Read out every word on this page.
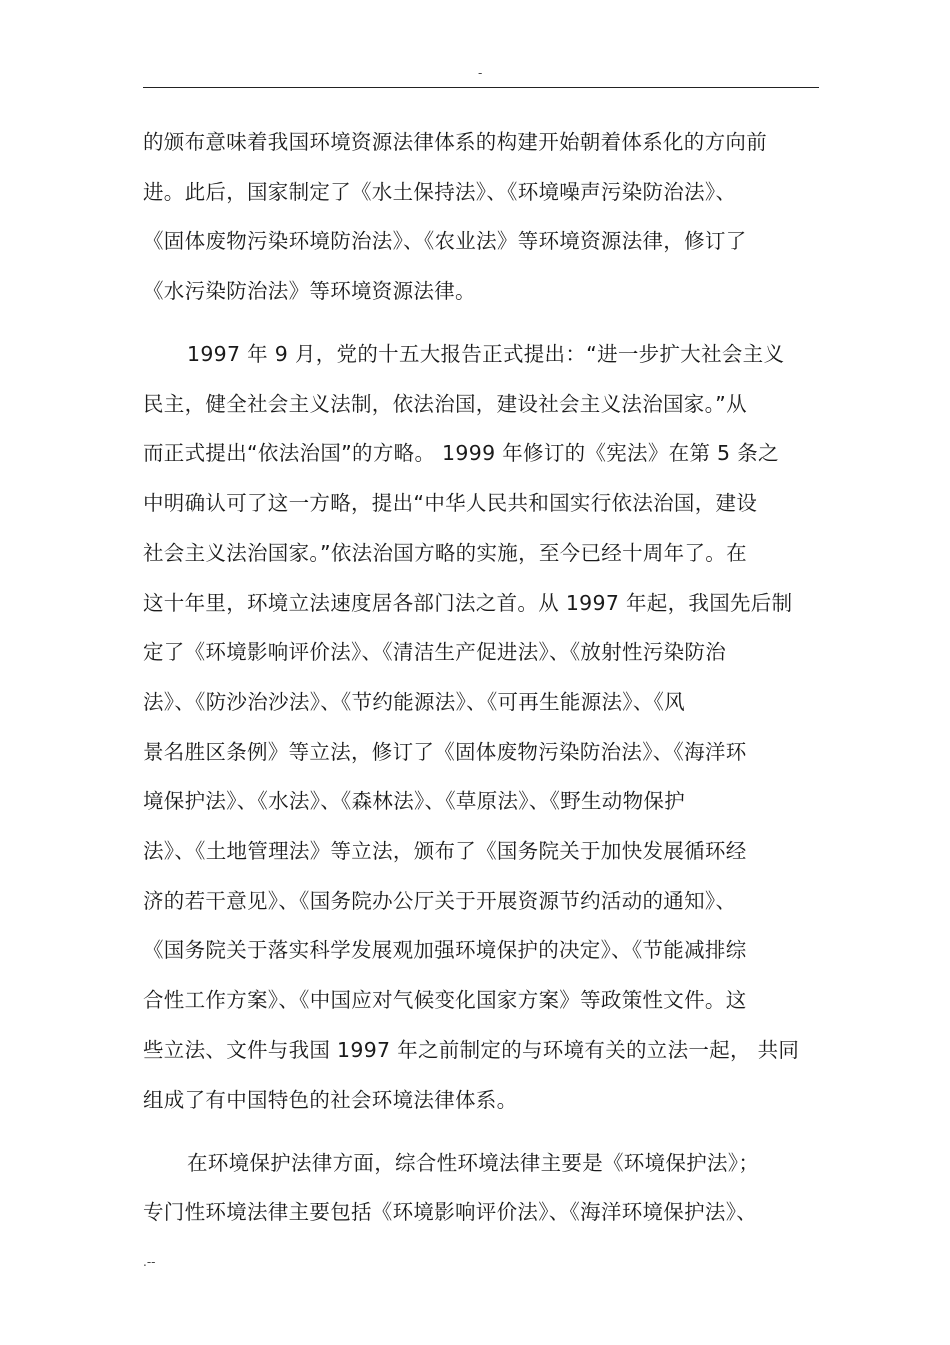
-
的颁布意味着我国环境资源法律体系的构建开始朝着体系化的方向前
进。此后，国家制定了《水土保持法》、《环境噪声污染防治法》、
《固体废物污染环境防治法》、《农业法》等环境资源法律，修订了
《水污染防治法》等环境资源法律。
1997 年 9 月，党的十五大报告正式提出：“进一步扩大社会主义
民主，健全社会主义法制，依法治国，建设社会主义法治国家。”从
而正式提出“依法治国”的方略。 1999 年修订的《宪法》在第 5 条之
中明确认可了这一方略，提出“中华人民共和国实行依法治国，建设
社会主义法治国家。”依法治国方略的实施，至今已经十周年了。在
这十年里，环境立法速度居各部门法之首。从 1997 年起，我国先后制
定了《环境影响评价法》、《清洁生产促进法》、《放射性污染防治
法》、《防沙治沙法》、《节约能源法》、《可再生能源法》、《风
景名胜区条例》等立法，修订了《固体废物污染防治法》、《海洋环
境保护法》、《水法》、《森林法》、《草原法》、《野生动物保护
法》、《土地管理法》等立法，颁布了《国务院关于加快发展循环经
济的若干意见》、《国务院办公厅关于开展资源节约活动的通知》、
《国务院关于落实科学发展观加强环境保护的决定》、《节能减排综
合性工作方案》、《中国应对气候变化国家方案》等政策性文件。这
些立法、文件与我国 1997 年之前制定的与环境有关的立法一起， 共同
组成了有中国特色的社会环境法律体系。
在环境保护法律方面，综合性环境法律主要是《环境保护法》；
专门性环境法律主要包括《环境影响评价法》、《海洋环境保护法》、
.--
